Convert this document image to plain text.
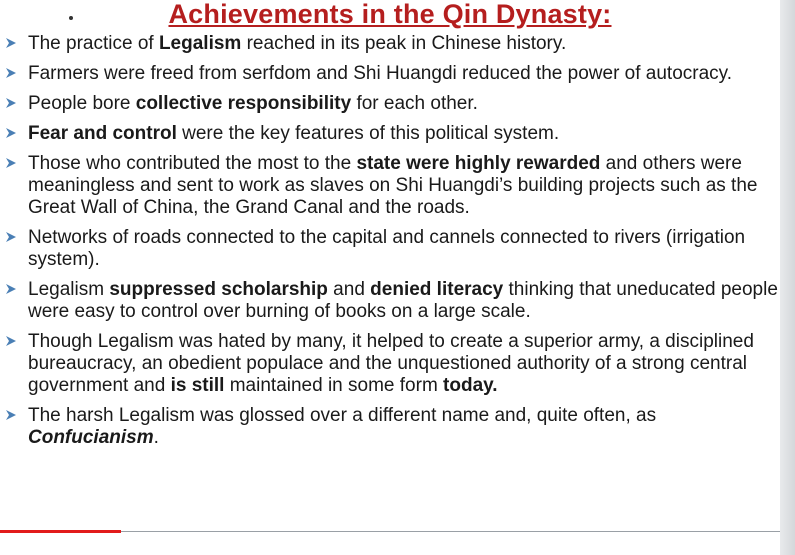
Achievements in the Qin Dynasty:
The practice of Legalism reached in its peak in Chinese history.
Farmers were freed from serfdom and Shi Huangdi reduced the power of autocracy.
People bore collective responsibility for each other.
Fear and control were the key features of this political system.
Those who contributed the most to the state were highly rewarded and others were meaningless and sent to work as slaves on Shi Huangdi’s building projects such as the Great Wall of China, the Grand Canal and the roads.
Networks of roads connected to the capital and cannels connected to rivers (irrigation system).
Legalism suppressed scholarship and denied literacy thinking that uneducated people were easy to control over burning of books on a large scale.
Though Legalism was hated by many, it helped to create a superior army, a disciplined bureaucracy, an obedient populace and the unquestioned authority of a strong central government and is still maintained in some form today.
The harsh Legalism was glossed over a different name and, quite often, as Confucianism.
